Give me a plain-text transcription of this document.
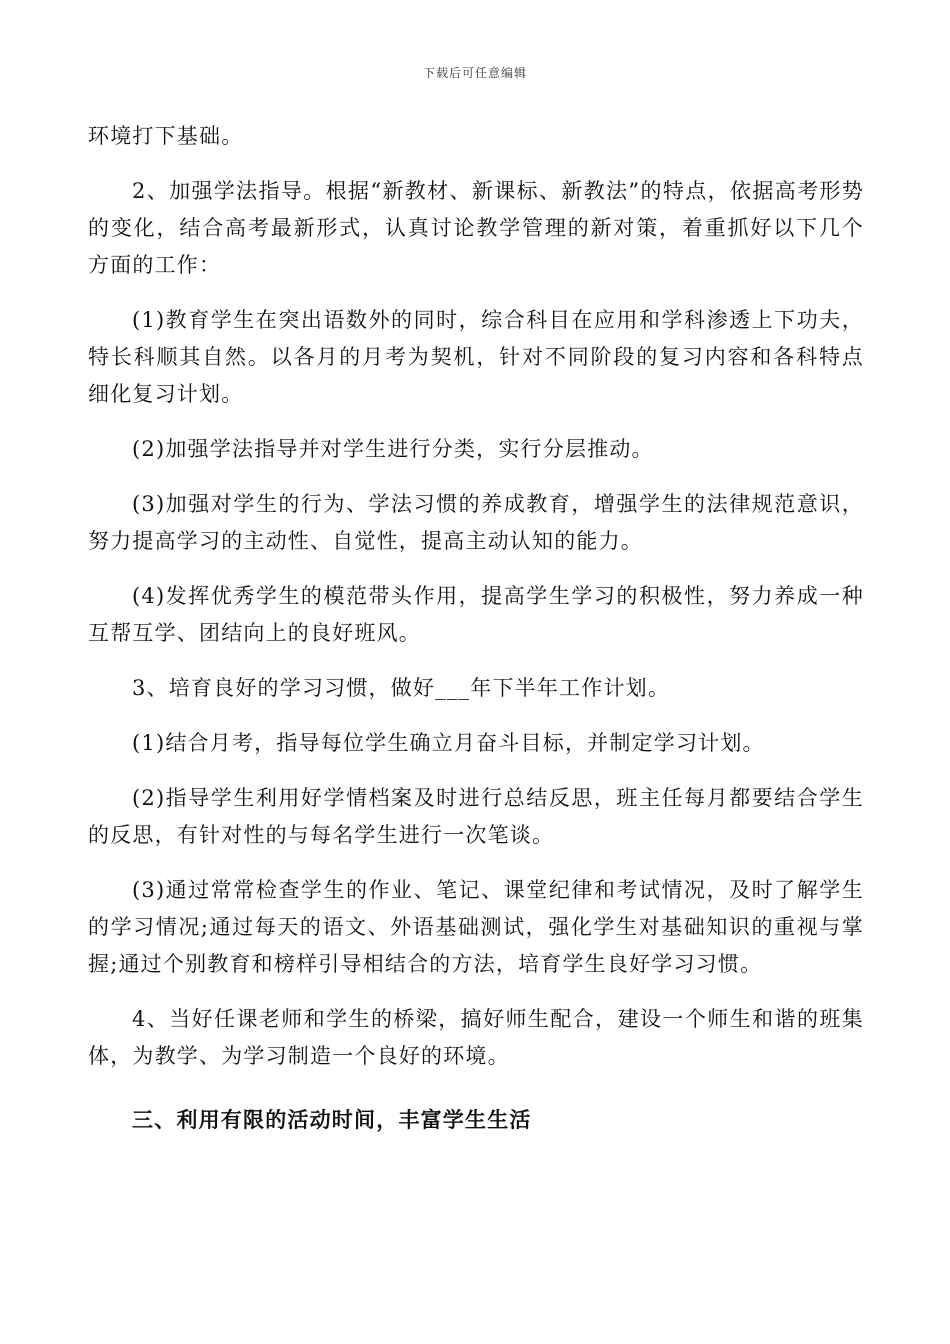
下载后可任意编辑

环境打下基础。

2、加强学法指导。根据“新教材、新课标、新教法”的特点，依据高考形势的变化，结合高考最新形式，认真讨论教学管理的新对策，着重抓好以下几个方面的工作：

(1)教育学生在突出语数外的同时，综合科目在应用和学科渗透上下功夫，特长科顺其自然。以各月的月考为契机，针对不同阶段的复习内容和各科特点细化复习计划。

(2)加强学法指导并对学生进行分类，实行分层推动。

(3)加强对学生的行为、学法习惯的养成教育，增强学生的法律规范意识，努力提高学习的主动性、自觉性，提高主动认知的能力。

(4)发挥优秀学生的模范带头作用，提高学生学习的积极性，努力养成一种互帮互学、团结向上的良好班风。

3、培育良好的学习习惯，做好___年下半年工作计划。

(1)结合月考，指导每位学生确立月奋斗目标，并制定学习计划。

(2)指导学生利用好学情档案及时进行总结反思，班主任每月都要结合学生的反思，有针对性的与每名学生进行一次笔谈。

(3)通过常常检查学生的作业、笔记、课堂纪律和考试情况，及时了解学生的学习情况;通过每天的语文、外语基础测试，强化学生对基础知识的重视与掌握;通过个别教育和榜样引导相结合的方法，培育学生良好学习习惯。

4、当好任课老师和学生的桥梁，搞好师生配合，建设一个师生和谐的班集体，为教学、为学习制造一个良好的环境。

三、利用有限的活动时间，丰富学生生活
